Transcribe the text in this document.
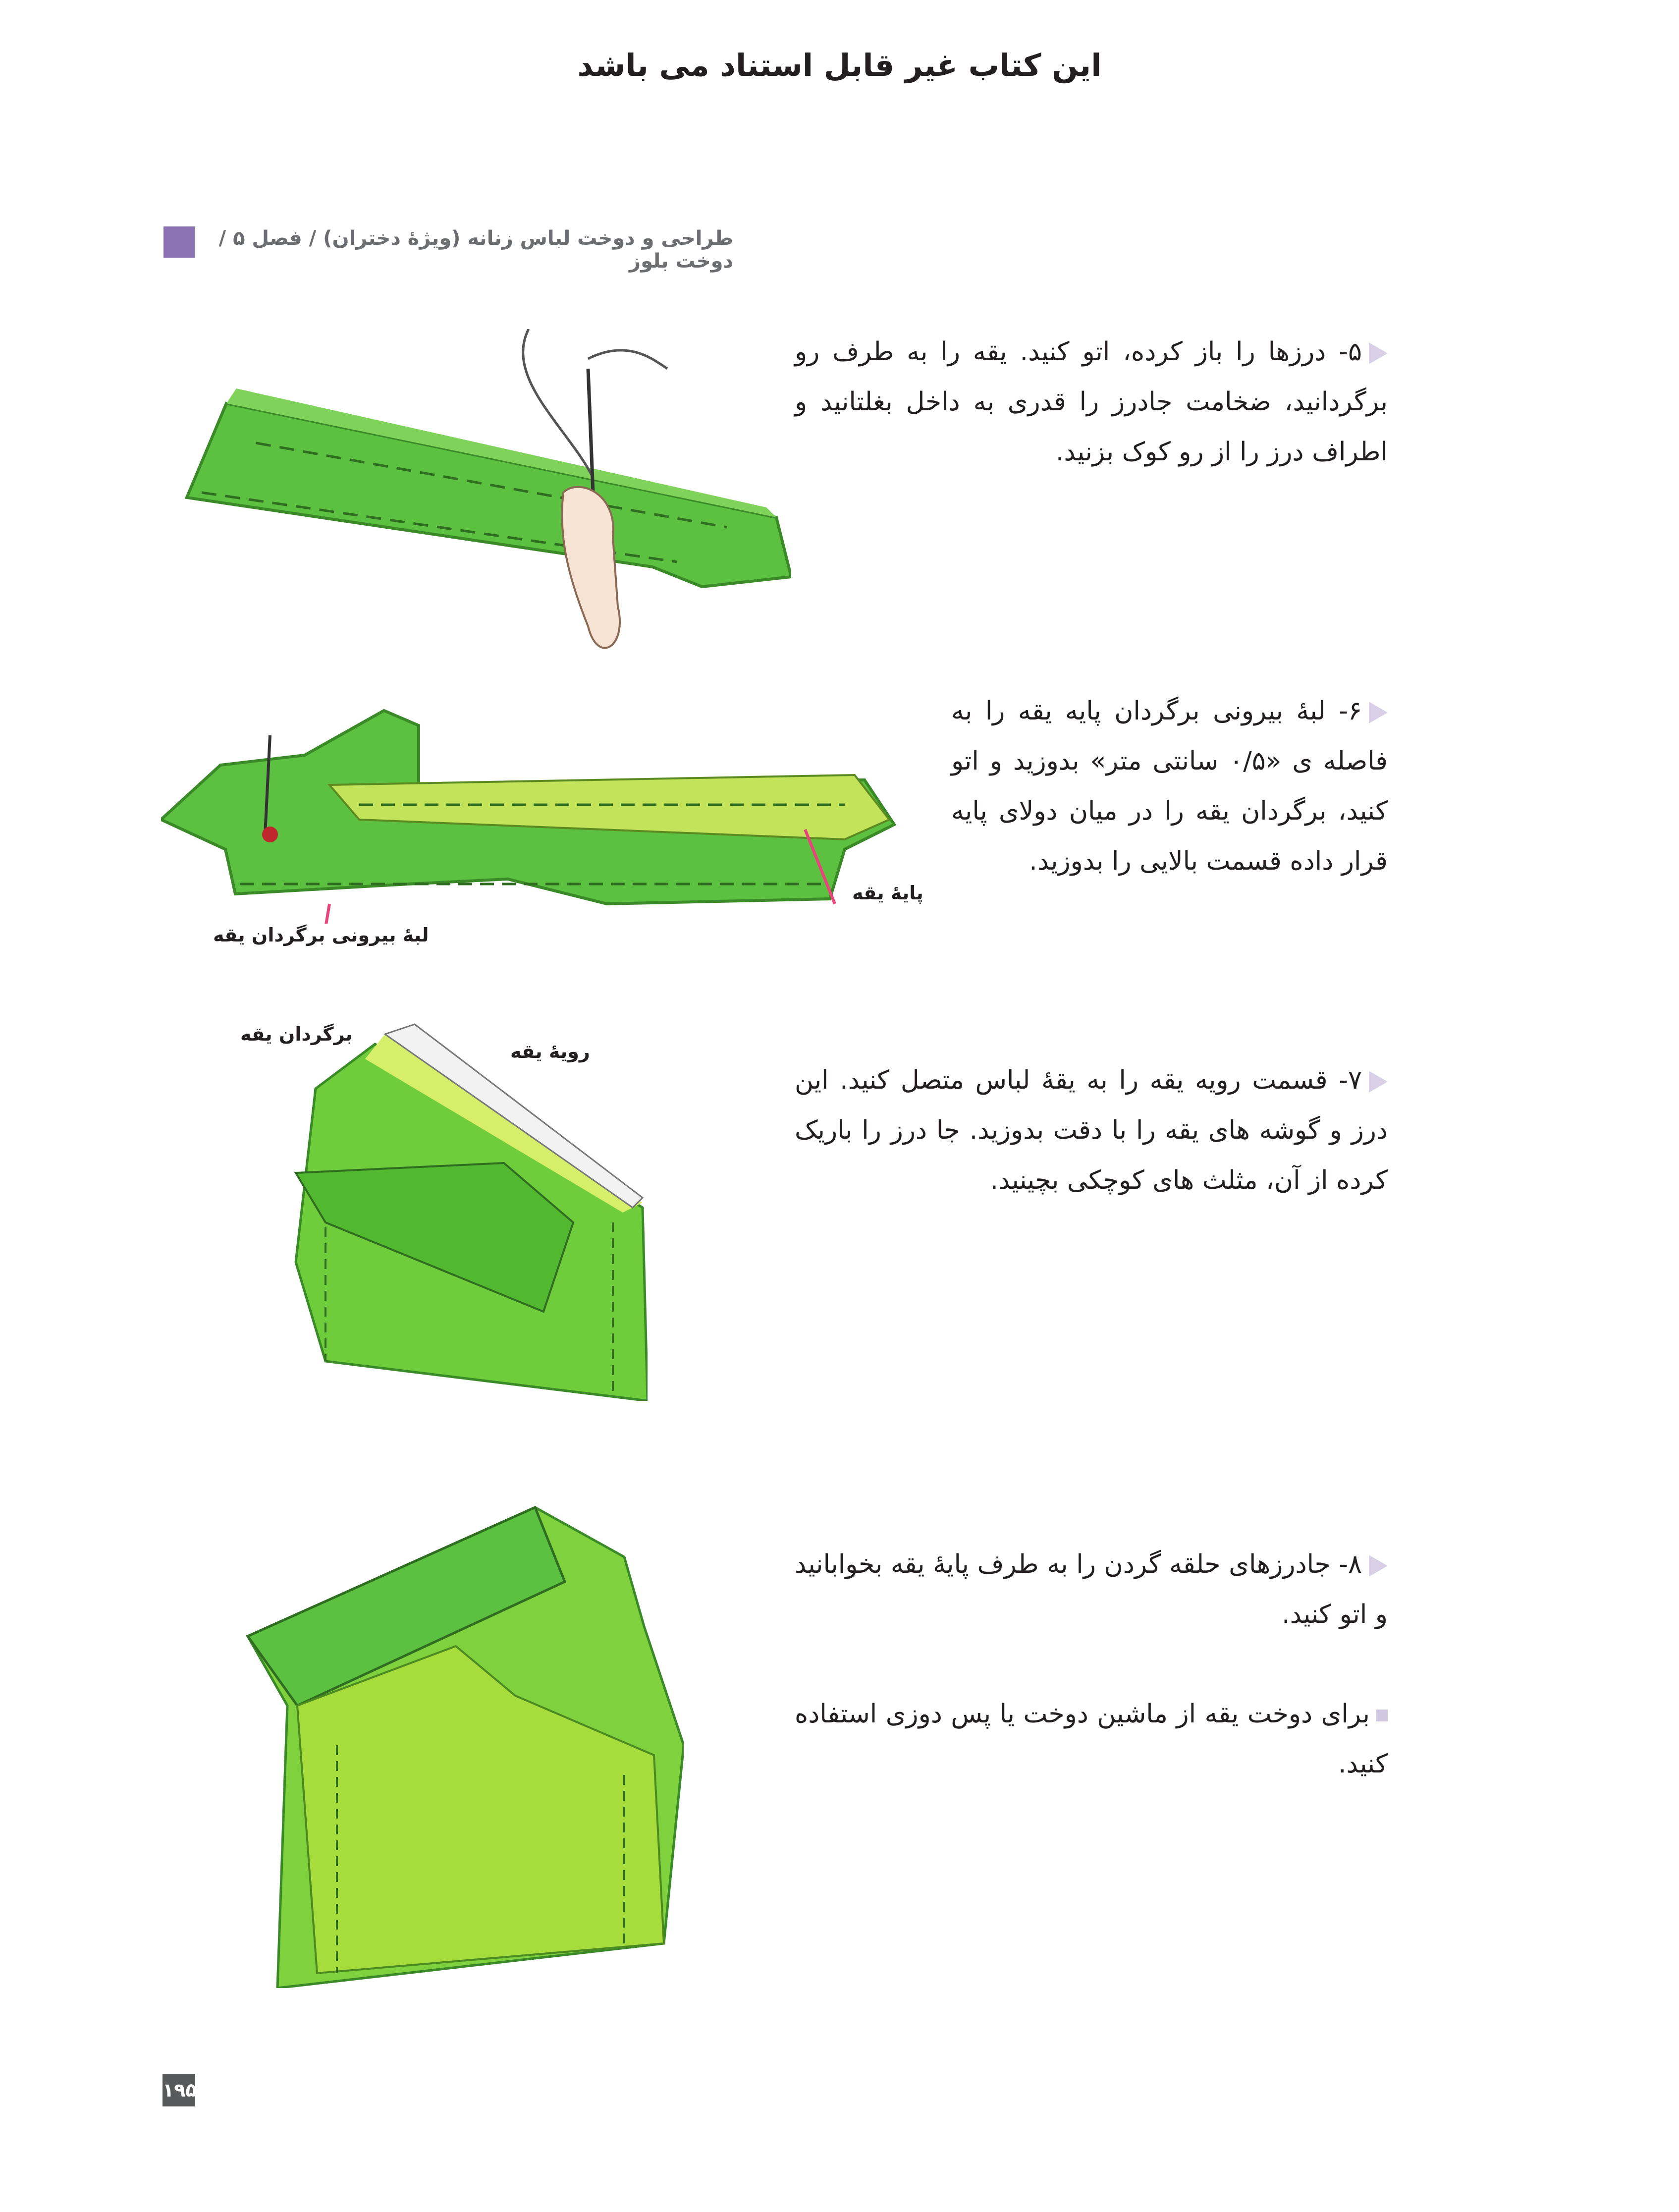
این کتاب غیر قابل استناد می باشد
طراحی و دوخت لباس زنانه (ویژهٔ دختران) / فصل ۵ / دوخت بلوز
۵- درزها را باز کرده، اتو کنید. یقه را به طرف رو برگردانید، ضخامت جادرز را قدری به داخل بغلتانید و اطراف درز را از رو کوک بزنید.
۶- لبهٔ بیرونی برگردان پایه یقه را به فاصله ی «۰/۵ سانتی متر» بدوزید و اتو کنید، برگردان یقه را در میان دولای پایه قرار داده قسمت بالایی را بدوزید.
لبهٔ بیرونی برگردان یقه
پایهٔ یقه
۷- قسمت رویه یقه را به یقهٔ لباس متصل کنید. این درز و گوشه های یقه را با دقت بدوزید. جا درز را باریک کرده از آن، مثلث های کوچکی بچینید.
برگردان یقه
رویهٔ یقه
۸- جادرزهای حلقه گردن را به طرف پایهٔ یقه بخوابانید و اتو کنید.
برای دوخت یقه از ماشین دوخت یا پس دوزی استفاده کنید.
۱۹۵
